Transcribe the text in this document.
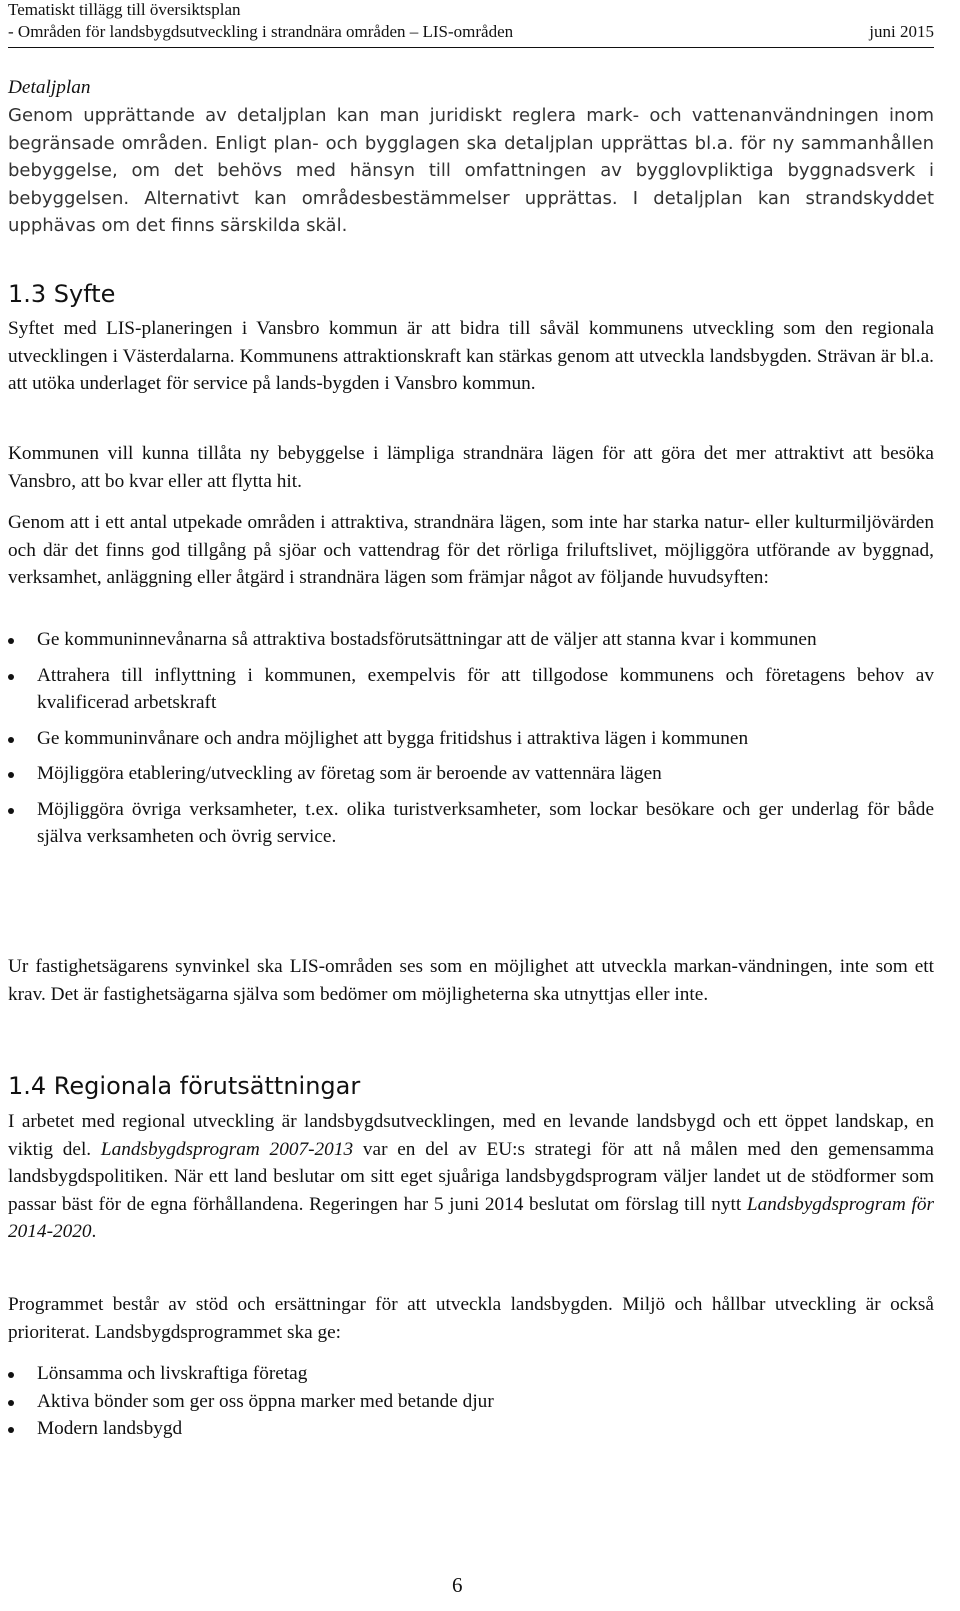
Tematiskt tillägg till översiktsplan
- Områden för landsbygdsutveckling i strandnära områden – LIS-områden	juni 2015
Detaljplan

Genom upprättande av detaljplan kan man juridiskt reglera mark- och vattenanvändningen inom begränsade områden. Enligt plan- och bygglagen ska detaljplan upprättas bl.a. för ny sammanhållen bebyggelse, om det behövs med hänsyn till omfattningen av bygglovpliktiga byggnadsverk i bebyggelsen. Alternativt kan områdesbestämmelser upprättas. I detaljplan kan strandskyddet upphävas om det finns särskilda skäl.

1.3 Syfte

Syftet med LIS-planeringen i Vansbro kommun är att bidra till såväl kommunens utveckling som den regionala utvecklingen i Västerdalarna. Kommunens attraktionskraft kan stärkas genom att utveckla landsbygden. Strävan är bl.a. att utöka underlaget för service på lands-bygden i Vansbro kommun.

Kommunen vill kunna tillåta ny bebyggelse i lämpliga strandnära lägen för att göra det mer attraktivt att besöka Vansbro, att bo kvar eller att flytta hit.

Genom att i ett antal utpekade områden i attraktiva, strandnära lägen, som inte har starka natur- eller kulturmiljövärden och där det finns god tillgång på sjöar och vattendrag för det rörliga friluftslivet, möjliggöra utförande av byggnad, verksamhet, anläggning eller åtgärd i strandnära lägen som främjar något av följande huvudsyften:

Ge kommuninnevånarna så attraktiva bostadsförutsättningar att de väljer att stanna kvar i kommunen
Attrahera till inflyttning i kommunen, exempelvis för att tillgodose kommunens och företagens behov av kvalificerad arbetskraft
Ge kommuninvånare och andra möjlighet att bygga fritidshus i attraktiva lägen i kommunen
Möjliggöra etablering/utveckling av företag som är beroende av vattennära lägen
Möjliggöra övriga verksamheter, t.ex. olika turistverksamheter, som lockar besökare och ger underlag för både själva verksamheten och övrig service.

Ur fastighetsägarens synvinkel ska LIS-områden ses som en möjlighet att utveckla markan-vändningen, inte som ett krav. Det är fastighetsägarna själva som bedömer om möjligheterna ska utnyttjas eller inte.

1.4 Regionala förutsättningar

I arbetet med regional utveckling är landsbygdsutvecklingen, med en levande landsbygd och ett öppet landskap, en viktig del. Landsbygdsprogram 2007-2013 var en del av EU:s strategi för att nå målen med den gemensamma landsbygdspolitiken. När ett land beslutar om sitt eget sjuåriga landsbygdsprogram väljer landet ut de stödformer som passar bäst för de egna förhållandena. Regeringen har 5 juni 2014 beslutat om förslag till nytt Landsbygdsprogram för 2014-2020.

Programmet består av stöd och ersättningar för att utveckla landsbygden. Miljö och hållbar utveckling är också prioriterat. Landsbygdsprogrammet ska ge:

Lönsamma och livskraftiga företag
Aktiva bönder som ger oss öppna marker med betande djur
Modern landsbygd
6
